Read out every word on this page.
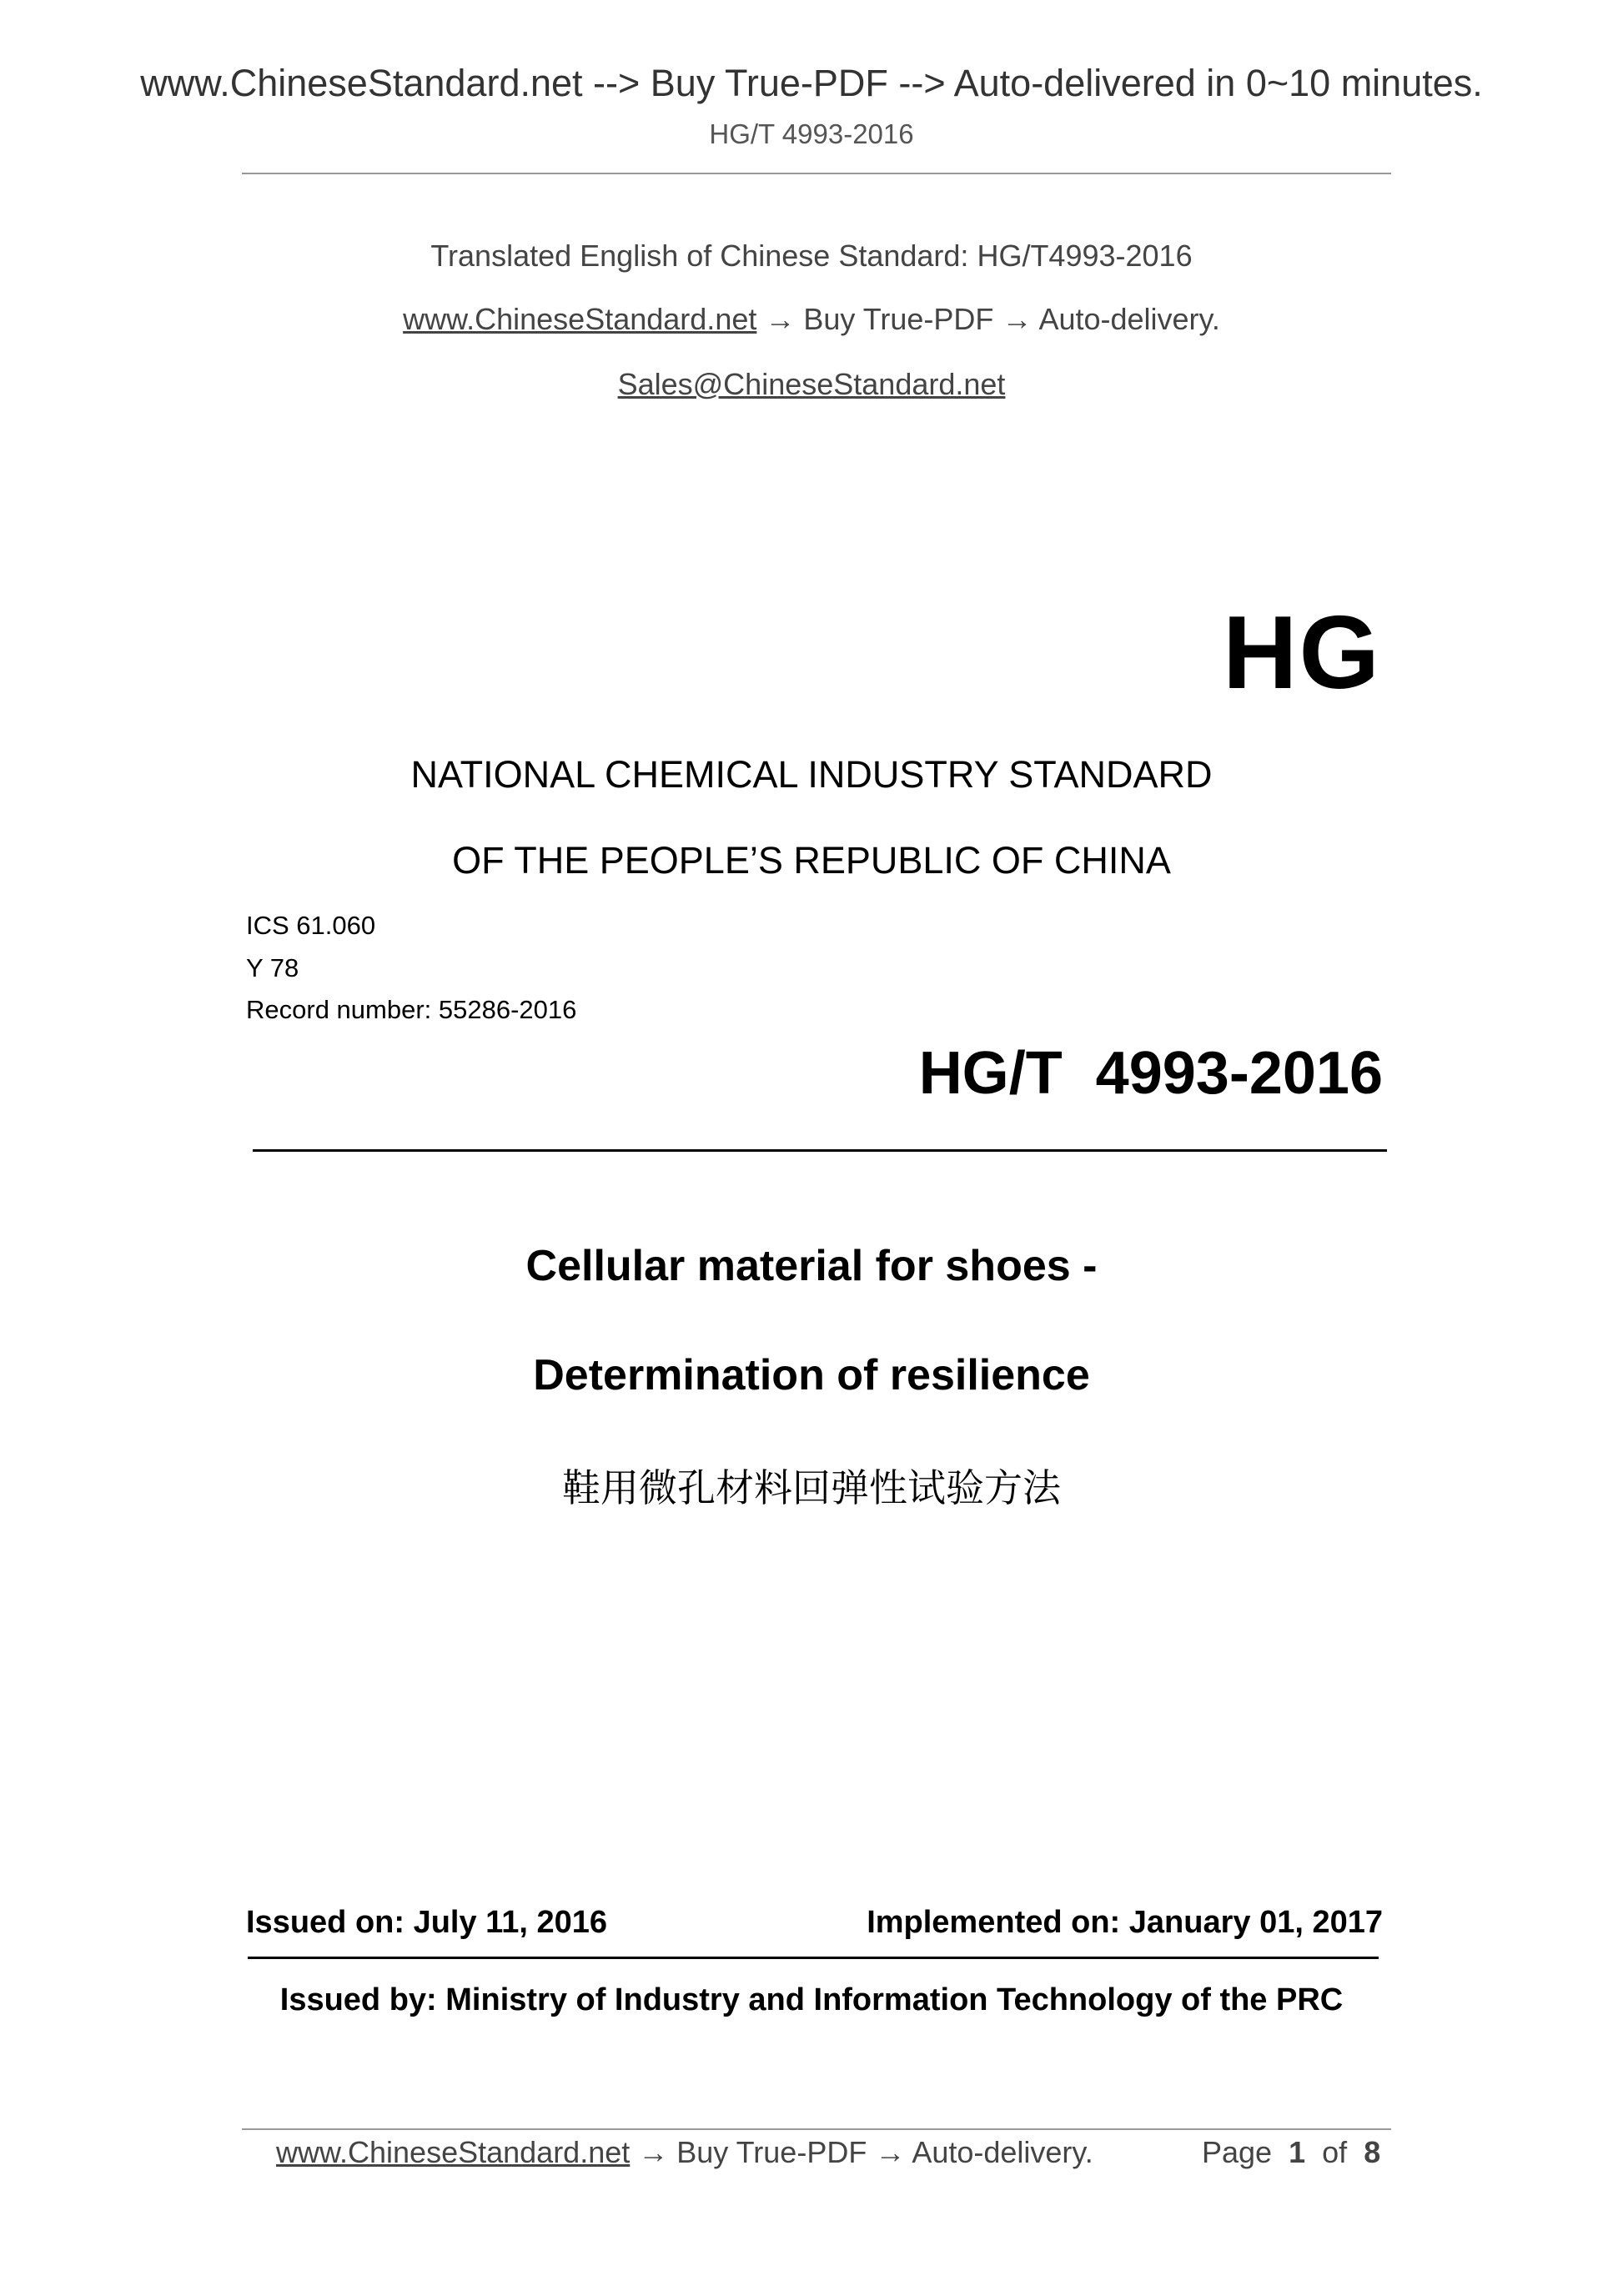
www.ChineseStandard.net --> Buy True-PDF --> Auto-delivered in 0~10 minutes.
HG/T 4993-2016
Translated English of Chinese Standard: HG/T4993-2016
www.ChineseStandard.net → Buy True-PDF → Auto-delivery.
Sales@ChineseStandard.net
HG
NATIONAL CHEMICAL INDUSTRY STANDARD
OF THE PEOPLE’S REPUBLIC OF CHINA
ICS 61.060
Y 78
Record number: 55286-2016
HG/T  4993-2016
Cellular material for shoes -
Determination of resilience
鞋用微孔材料回弹性试验方法
Issued on: July 11, 2016	Implemented on: January 01, 2017
Issued by: Ministry of Industry and Information Technology of the PRC
www.ChineseStandard.net → Buy True-PDF → Auto-delivery.	Page 1 of 8
